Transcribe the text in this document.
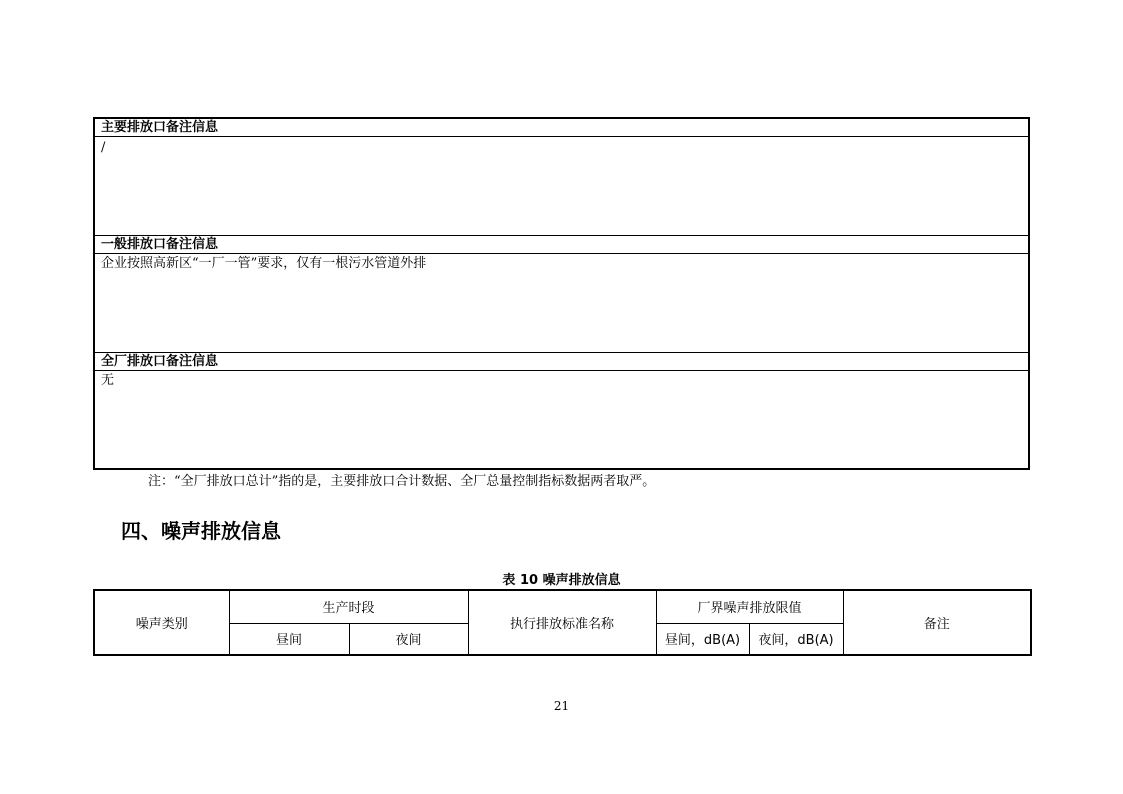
主要排放口备注信息
/
一般排放口备注信息
企业按照高新区“一厂一管”要求，仅有一根污水管道外排
全厂排放口备注信息
无
注：“全厂排放口总计”指的是，主要排放口合计数据、全厂总量控制指标数据两者取严。
四、噪声排放信息
表 10 噪声排放信息
噪声类别	生产时段		执行排放标准名称	厂界噪声排放限值		备注
	昼间	夜间		昼间，dB(A)	夜间，dB(A)	
21
